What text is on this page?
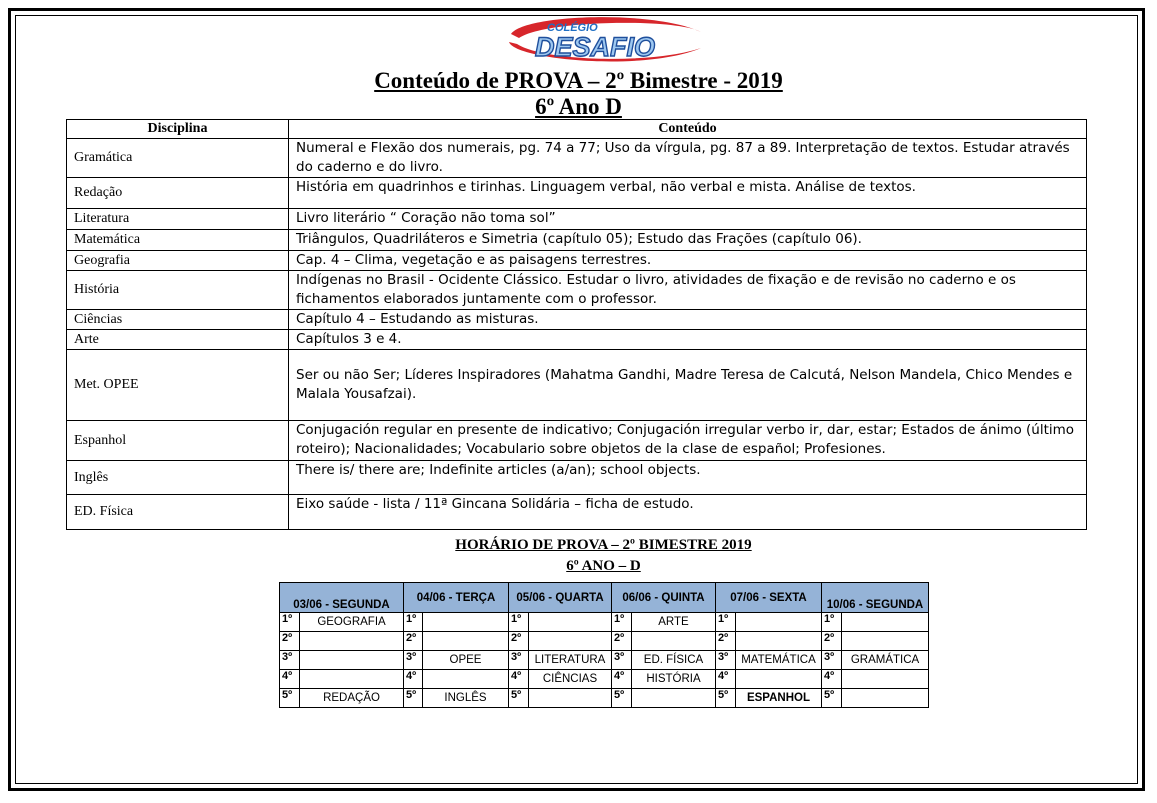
COLÉGIO
DESAFIO
Conteúdo de PROVA – 2º Bimestre - 2019
6º Ano D
Disciplina	Conteúdo
Gramática	Numeral e Flexão dos numerais, pg. 74 a 77; Uso da vírgula, pg. 87 a 89. Interpretação de textos. Estudar através do caderno e do livro.
Redação	História em quadrinhos e tirinhas. Linguagem verbal, não verbal e mista. Análise de textos.
Literatura	Livro literário “ Coração não toma sol”
Matemática	Triângulos, Quadriláteros e Simetria (capítulo 05); Estudo das Frações (capítulo 06).
Geografia	Cap. 4 – Clima, vegetação e as paisagens terrestres.
História	Indígenas no Brasil - Ocidente Clássico. Estudar o livro, atividades de fixação e de revisão no caderno e os fichamentos elaborados juntamente com o professor.
Ciências	Capítulo 4 – Estudando as misturas.
Arte	Capítulos 3 e 4.
Met. OPEE	Ser ou não Ser; Líderes Inspiradores (Mahatma Gandhi, Madre Teresa de Calcutá, Nelson Mandela, Chico Mendes e Malala Yousafzai).
Espanhol	Conjugación regular en presente de indicativo; Conjugación irregular verbo ir, dar, estar; Estados de ánimo (último roteiro); Nacionalidades; Vocabulario sobre objetos de la clase de español; Profesiones.
Inglês	There is/ there are; Indefinite articles (a/an); school objects.
ED. Física	Eixo saúde - lista / 11ª Gincana Solidária – ficha de estudo.
HORÁRIO DE PROVA – 2º BIMESTRE 2019
6º ANO – D
03/06 - SEGUNDA		04/06 - TERÇA		05/06 - QUARTA		06/06 - QUINTA		07/06 - SEXTA		10/06 - SEGUNDA	
1º	GEOGRAFIA	1º		1º		1º	ARTE	1º		1º	
2º		2º		2º		2º		2º		2º	
3º		3º	OPEE	3º	LITERATURA	3º	ED. FÍSICA	3º	MATEMÁTICA	3º	GRAMÁTICA
4º		4º		4º	CIÊNCIAS	4º	HISTÓRIA	4º		4º	
5º	REDAÇÃO	5º	INGLÊS	5º		5º		5º	ESPANHOL	5º	
